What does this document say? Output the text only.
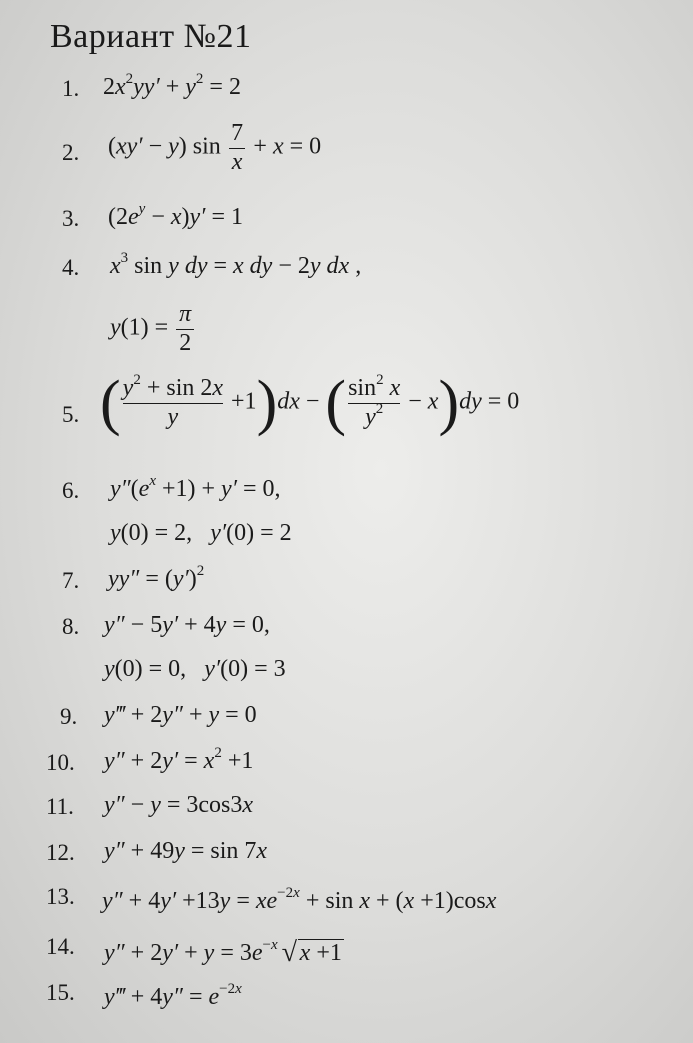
Вариант №21
1. $2x^2yy' + y^2 = 2$
2. (xy′ − y) $\sin \frac{7}{x} + x = 0$
3. $(2e^y - x)y' = 1$
4. $x^3$ sin y dy = x dy − 2y dx ,
$y(1) = \frac{\pi}{2}$
5. ( $\frac{y^2 + \sin 2x}{y} +1)dx$ − ( $\frac{\sin^2 x}{y^2} - x)dy = 0$
6. $y''(e^x +1) + y' = 0$,
y(0) = 2,   y′(0) = 2
7. $yy'' = (y')^2$
8. y″ − 5y′ + 4y = 0,
y(0) = 0,   y′(0) = 3
9. y‴ + 2y″ + y = 0
10. $y'' + 2y' = x^2 +1$
11. y″ − y = 3cos3x
12. y″ + 49y = sin 7x
13. $y'' + 4y' +13y = xe^{-2x} + \sin x + (x +1)\cos x$
14. $y'' + 2y' + y = 3e^{-x}$ √ x +1
15. y‴ + $4y'' = e^{-2x}$
